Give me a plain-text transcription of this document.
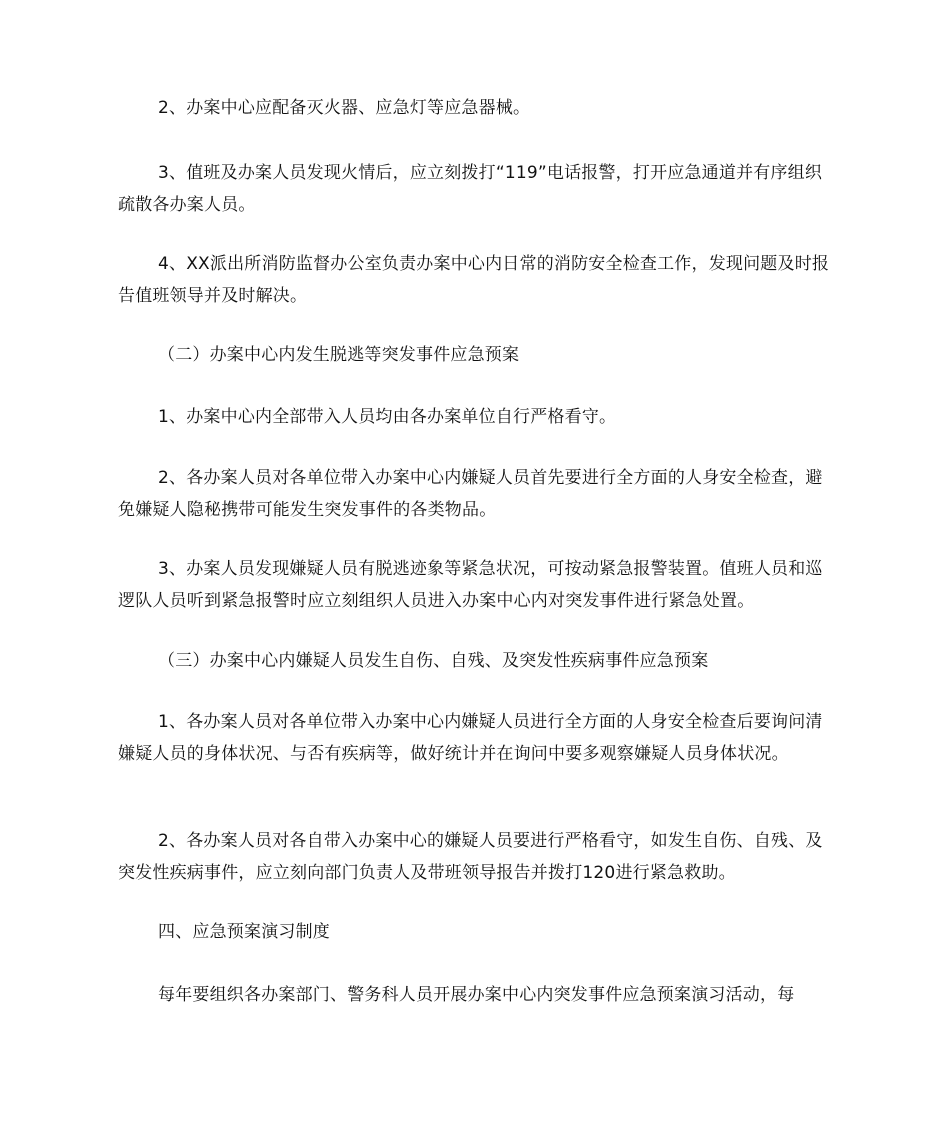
2、办案中心应配备灭火器、应急灯等应急器械。

3、值班及办案人员发现火情后，应立刻拨打“119”电话报警，打开应急通道并有序组织疏散各办案人员。

4、XX派出所消防监督办公室负责办案中心内日常的消防安全检查工作，发现问题及时报告值班领导并及时解决。

（二）办案中心内发生脱逃等突发事件应急预案

1、办案中心内全部带入人员均由各办案单位自行严格看守。

2、各办案人员对各单位带入办案中心内嫌疑人员首先要进行全方面的人身安全检查，避免嫌疑人隐秘携带可能发生突发事件的各类物品。

3、办案人员发现嫌疑人员有脱逃迹象等紧急状况，可按动紧急报警装置。值班人员和巡逻队人员听到紧急报警时应立刻组织人员进入办案中心内对突发事件进行紧急处置。

（三）办案中心内嫌疑人员发生自伤、自残、及突发性疾病事件应急预案

1、各办案人员对各单位带入办案中心内嫌疑人员进行全方面的人身安全检查后要询问清嫌疑人员的身体状况、与否有疾病等，做好统计并在询问中要多观察嫌疑人员身体状况。

2、各办案人员对各自带入办案中心的嫌疑人员要进行严格看守，如发生自伤、自残、及突发性疾病事件，应立刻向部门负责人及带班领导报告并拨打120进行紧急救助。

四、应急预案演习制度

每年要组织各办案部门、警务科人员开展办案中心内突发事件应急预案演习活动，每
